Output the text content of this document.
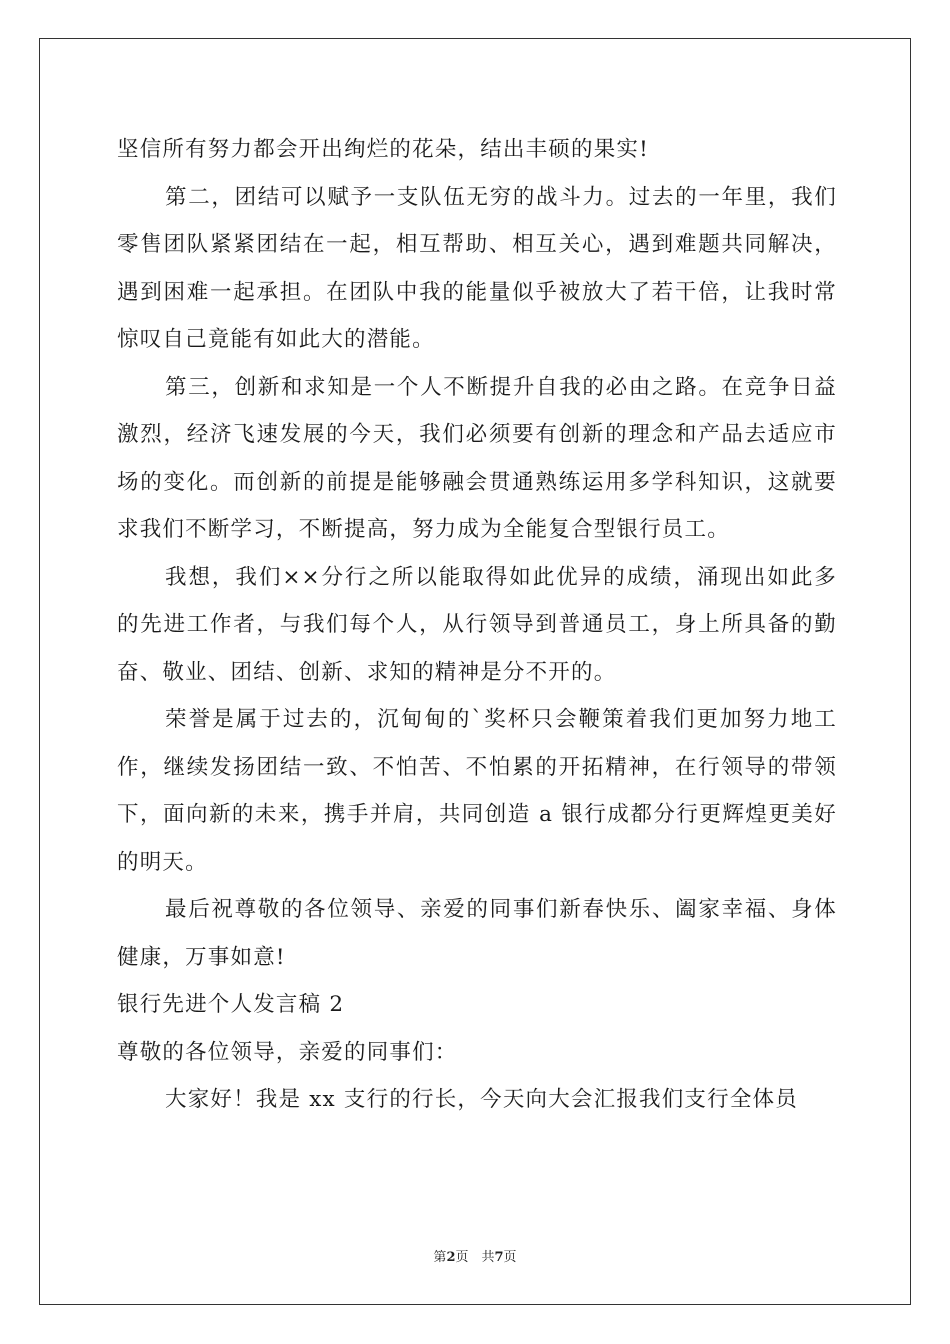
坚信所有努力都会开出绚烂的花朵，结出丰硕的果实!

第二，团结可以赋予一支队伍无穷的战斗力。过去的一年里，我们零售团队紧紧团结在一起，相互帮助、相互关心，遇到难题共同解决，遇到困难一起承担。在团队中我的能量似乎被放大了若干倍，让我时常惊叹自己竟能有如此大的潜能。

第三，创新和求知是一个人不断提升自我的必由之路。在竞争日益激烈，经济飞速发展的今天，我们必须要有创新的理念和产品去适应市场的变化。而创新的前提是能够融会贯通熟练运用多学科知识，这就要求我们不断学习，不断提高，努力成为全能复合型银行员工。

我想，我们××分行之所以能取得如此优异的成绩，涌现出如此多的先进工作者，与我们每个人，从行领导到普通员工，身上所具备的勤奋、敬业、团结、创新、求知的精神是分不开的。

荣誉是属于过去的，沉甸甸的`奖杯只会鞭策着我们更加努力地工作，继续发扬团结一致、不怕苦、不怕累的开拓精神，在行领导的带领下，面向新的未来，携手并肩，共同创造 a 银行成都分行更辉煌更美好的明天。

最后祝尊敬的各位领导、亲爱的同事们新春快乐、阖家幸福、身体健康，万事如意!

银行先进个人发言稿 2

尊敬的各位领导，亲爱的同事们：

大家好！我是 xx 支行的行长，今天向大会汇报我们支行全体员

第2页　共7页
